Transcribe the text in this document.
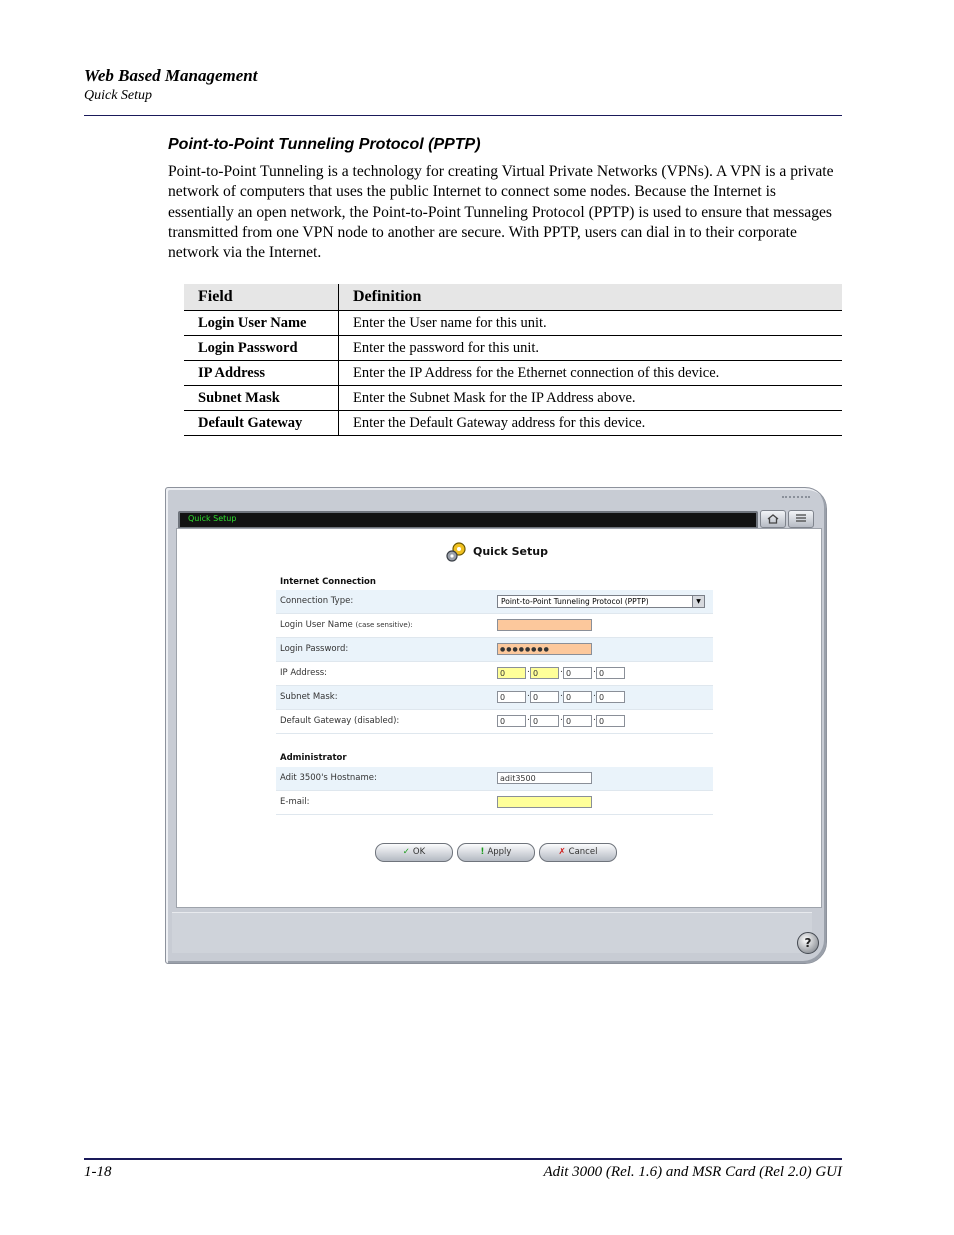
Web Based Management
Quick Setup
Point-to-Point Tunneling Protocol (PPTP)
Point-to-Point Tunneling is a technology for creating Virtual Private Networks (VPNs). A VPN is a private network of computers that uses the public Internet to connect some nodes. Because the Internet is essentially an open network, the Point-to-Point Tunneling Protocol (PPTP) is used to ensure that messages transmitted from one VPN node to another are secure. With PPTP, users can dial in to their corporate network via the Internet.
Field	Definition
Login User Name	Enter the User name for this unit.
Login Password	Enter the password for this unit.
IP Address	Enter the IP Address for the Ethernet connection of this device.
Subnet Mask	Enter the Subnet Mask for the IP Address above.
Default Gateway	Enter the Default Gateway address for this device.
Quick Setup
Quick Setup
Internet Connection
Connection Type:	Point-to-Point Tunneling Protocol (PPTP)	▼
Login User Name (case sensitive):
Login Password:	●●●●●●●●
IP Address:	0	. 0	. 0	. 0
Subnet Mask:	0	. 0	. 0	. 0
Default Gateway (disabled):	0	. 0	. 0	. 0
Administrator
Adit 3500's Hostname:	adit3500
E-mail:
✓ OK	! Apply	✗ Cancel
?
1-18	Adit 3000 (Rel. 1.6) and MSR Card (Rel 2.0) GUI
